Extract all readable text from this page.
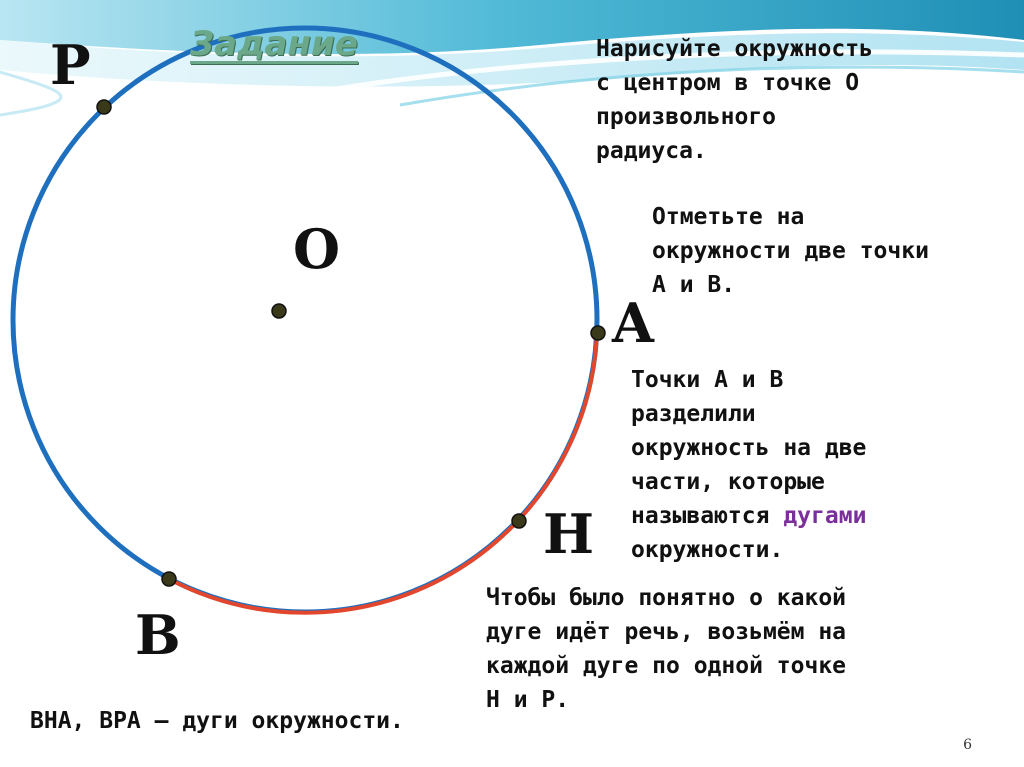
Задание
P
O
A
H
B
Нарисуйте окружность
с центром в точке О
произвольного
радиуса.
Отметьте на
окружности две точки
А и В.
Точки А и В
разделили
окружность на две
части, которые
называются дугами
окружности.
Чтобы было понятно о какой
дуге идёт речь, возьмём на
каждой дуге по одной точке
Н и Р.
ВНА, ВРА – дуги окружности.
6
